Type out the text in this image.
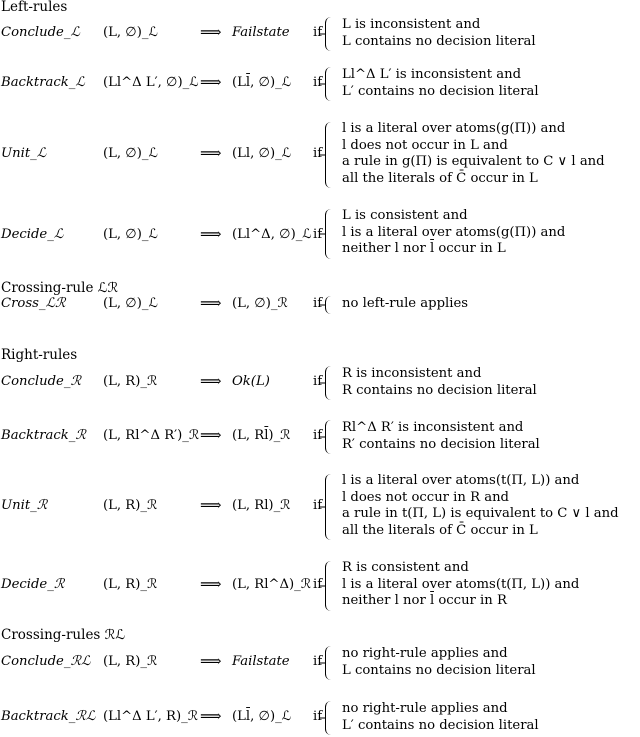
Left-rules
Crossing-rule ℒℛ
Right-rules
Crossing-rules ℛℒ
Conclude_ℒ (L, ∅)_ℒ	⟹ Failstate if
L is inconsistent and
L contains no decision literal
Backtrack_ℒ (Ll^Δ L′, ∅)_ℒ ⟹ (Ll̄, ∅)_ℒ if
Ll^Δ L′ is inconsistent and
L′ contains no decision literal
Unit_ℒ	(L, ∅)_ℒ	⟹ (Ll, ∅)_ℒ if
l is a literal over atoms(g(Π)) and
l does not occur in L and
a rule in g(Π) is equivalent to C ∨ l and
all the literals of C̄ occur in L
Decide_ℒ	(L, ∅)_ℒ	⟹ (Ll^Δ, ∅)_ℒ if
L is consistent and
l is a literal over atoms(g(Π)) and
neither l nor l̄ occur in L
Cross_ℒℛ	(L, ∅)_ℒ	⟹ (L, ∅)_ℛ if no left-rule applies
Conclude_ℛ (L, R)_ℛ	⟹ Ok(L)	if
R is inconsistent and
R contains no decision literal
Backtrack_ℛ (L, Rl^Δ R′)_ℛ ⟹ (L, Rl̄)_ℛ if
Rl^Δ R′ is inconsistent and
R′ contains no decision literal
Unit_ℛ	(L, R)_ℛ	⟹ (L, Rl)_ℛ if
l is a literal over atoms(t(Π, L)) and
l does not occur in R and
a rule in t(Π, L) is equivalent to C ∨ l and
all the literals of C̄ occur in L
Decide_ℛ	(L, R)_ℛ	⟹ (L, Rl^Δ)_ℛ if
R is consistent and
l is a literal over atoms(t(Π, L)) and
neither l nor l̄ occur in R
Conclude_ℛℒ (L, R)_ℛ	⟹ Failstate if
no right-rule applies and
L contains no decision literal
Backtrack_ℛℒ (Ll^Δ L′, R)_ℛ ⟹ (Ll̄, ∅)_ℒ if
no right-rule applies and
L′ contains no decision literal
